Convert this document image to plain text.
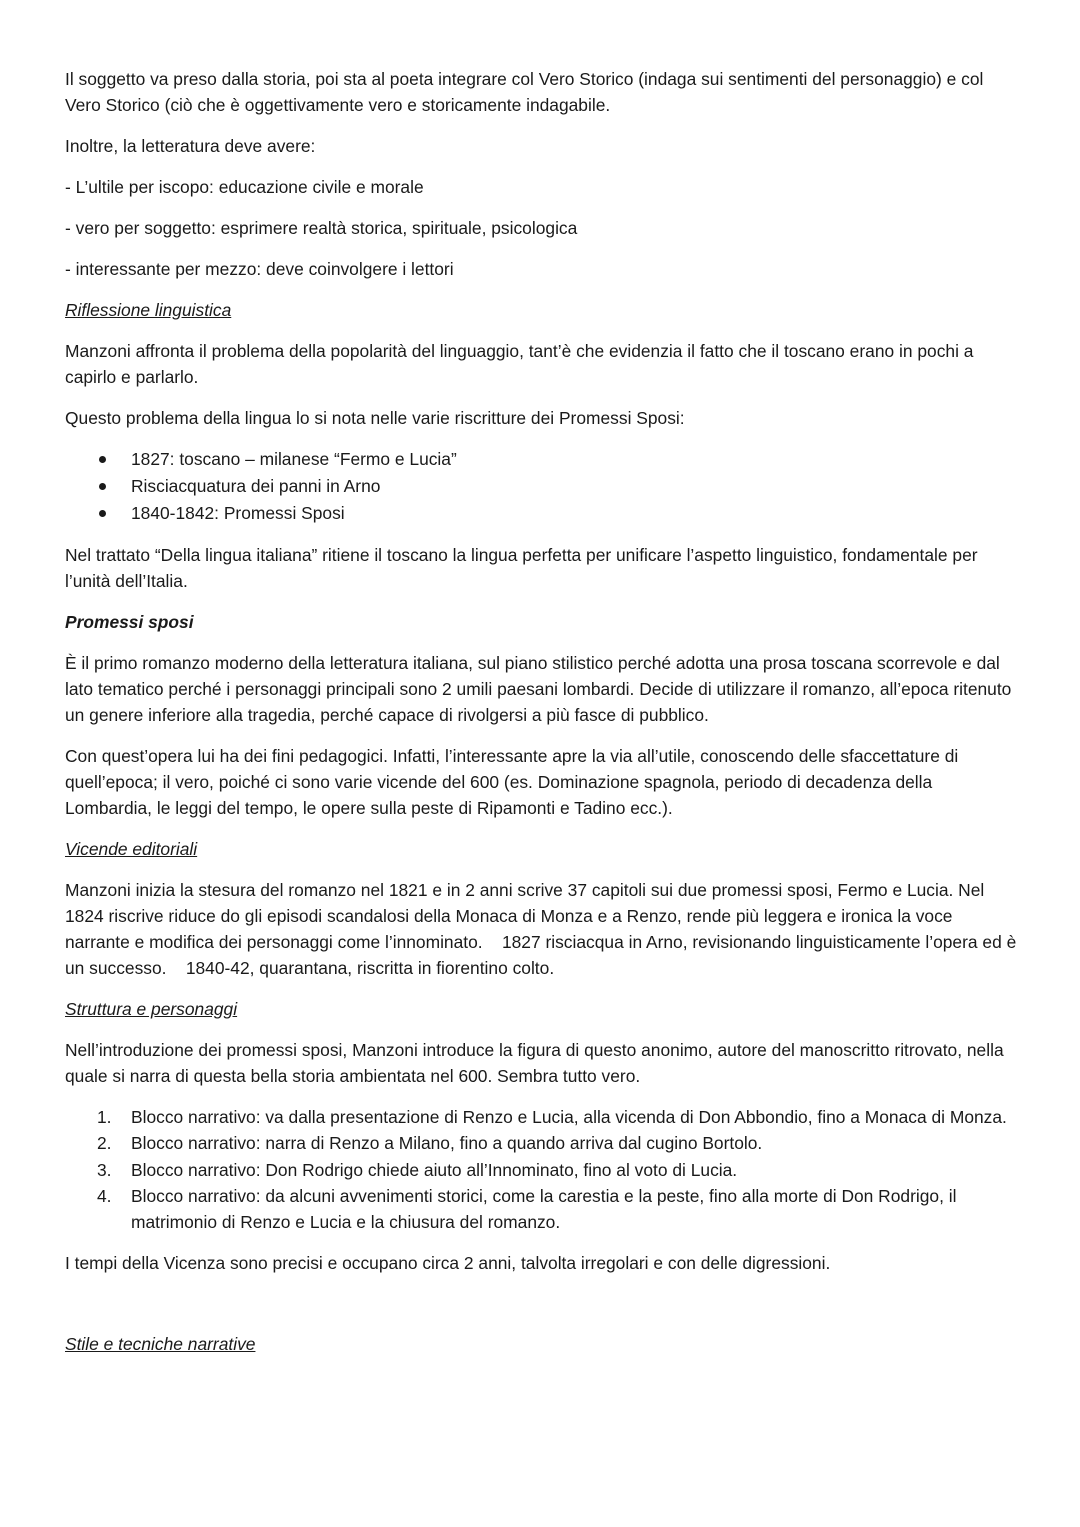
Il soggetto va preso dalla storia, poi sta al poeta integrare col Vero Storico (indaga sui sentimenti del personaggio) e col Vero Storico (ciò che è oggettivamente vero e storicamente indagabile.

Inoltre, la letteratura deve avere:

- L’ultile per iscopo: educazione civile e morale

- vero per soggetto: esprimere realtà storica, spirituale, psicologica

- interessante per mezzo: deve coinvolgere i lettori

Riflessione linguistica

Manzoni affronta il problema della popolarità del linguaggio, tant’è che evidenzia il fatto che il toscano erano in pochi a capirlo e parlarlo.

Questo problema della lingua lo si nota nelle varie riscritture dei Promessi Sposi:

1827: toscano – milanese “Fermo e Lucia”
Risciacquatura dei panni in Arno
1840-1842: Promessi Sposi

Nel trattato “Della lingua italiana” ritiene il toscano la lingua perfetta per unificare l’aspetto linguistico, fondamentale per l’unità dell’Italia.

Promessi sposi

È il primo romanzo moderno della letteratura italiana, sul piano stilistico perché adotta una prosa toscana scorrevole e dal lato tematico perché i personaggi principali sono 2 umili paesani lombardi. Decide di utilizzare il romanzo, all’epoca ritenuto un genere inferiore alla tragedia, perché capace di rivolgersi a più fasce di pubblico.

Con quest’opera lui ha dei fini pedagogici. Infatti, l’interessante apre la via all’utile, conoscendo delle sfaccettature di quell’epoca; il vero, poiché ci sono varie vicende del 600 (es. Dominazione spagnola, periodo di decadenza della Lombardia, le leggi del tempo, le opere sulla peste di Ripamonti e Tadino ecc.).

Vicende editoriali

Manzoni inizia la stesura del romanzo nel 1821 e in 2 anni scrive 37 capitoli sui due promessi sposi, Fermo e Lucia. Nel 1824 riscrive riduce do gli episodi scandalosi della Monaca di Monza e a Renzo, rende più leggera e ironica la voce narrante e modifica dei personaggi come l’innominato.    1827 risciacqua in Arno, revisionando linguisticamente l’opera ed è un successo.    1840-42, quarantana, riscritta in fiorentino colto.

Struttura e personaggi

Nell’introduzione dei promessi sposi, Manzoni introduce la figura di questo anonimo, autore del manoscritto ritrovato, nella quale si narra di questa bella storia ambientata nel 600. Sembra tutto vero.

1. Blocco narrativo: va dalla presentazione di Renzo e Lucia, alla vicenda di Don Abbondio, fino a Monaca di Monza.
2. Blocco narrativo: narra di Renzo a Milano, fino a quando arriva dal cugino Bortolo.
3. Blocco narrativo: Don Rodrigo chiede aiuto all’Innominato, fino al voto di Lucia.
4. Blocco narrativo: da alcuni avvenimenti storici, come la carestia e la peste, fino alla morte di Don Rodrigo, il matrimonio di Renzo e Lucia e la chiusura del romanzo.

I tempi della Vicenza sono precisi e occupano circa 2 anni, talvolta irregolari e con delle digressioni.

Stile e tecniche narrative
